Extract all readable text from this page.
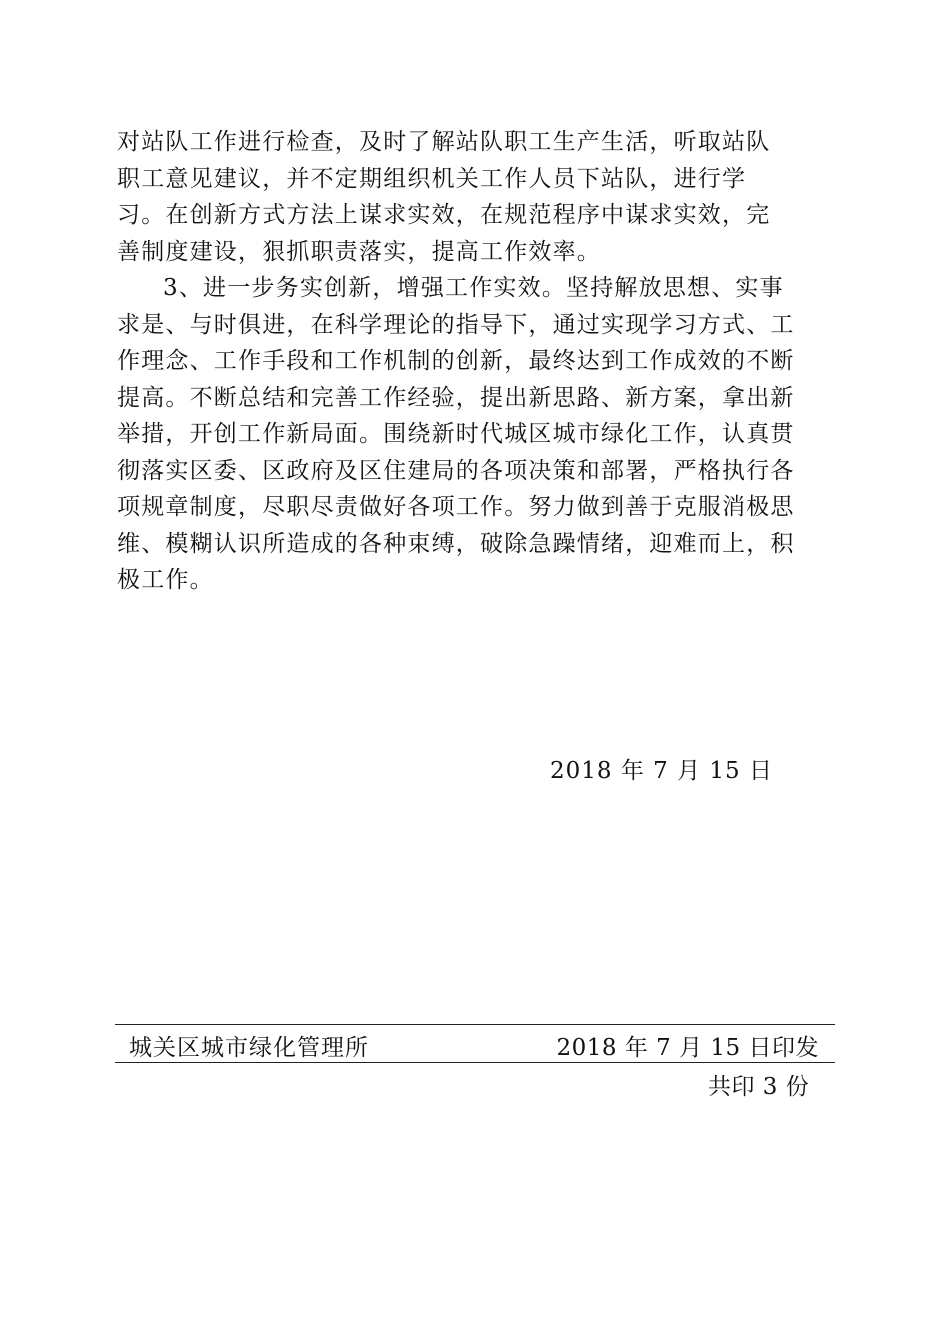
对站队工作进行检查，及时了解站队职工生产生活，听取站队
职工意见建议，并不定期组织机关工作人员下站队，进行学
习。在创新方式方法上谋求实效，在规范程序中谋求实效，完
善制度建设，狠抓职责落实，提高工作效率。
3、进一步务实创新，增强工作实效。坚持解放思想、实事
求是、与时俱进，在科学理论的指导下，通过实现学习方式、工
作理念、工作手段和工作机制的创新，最终达到工作成效的不断
提高。不断总结和完善工作经验，提出新思路、新方案，拿出新
举措，开创工作新局面。围绕新时代城区城市绿化工作，认真贯
彻落实区委、区政府及区住建局的各项决策和部署，严格执行各
项规章制度，尽职尽责做好各项工作。努力做到善于克服消极思
维、模糊认识所造成的各种束缚，破除急躁情绪，迎难而上，积
极工作。
2018 年 7 月 15 日
城关区城市绿化管理所	2018 年 7 月 15 日印发
共印 3 份
